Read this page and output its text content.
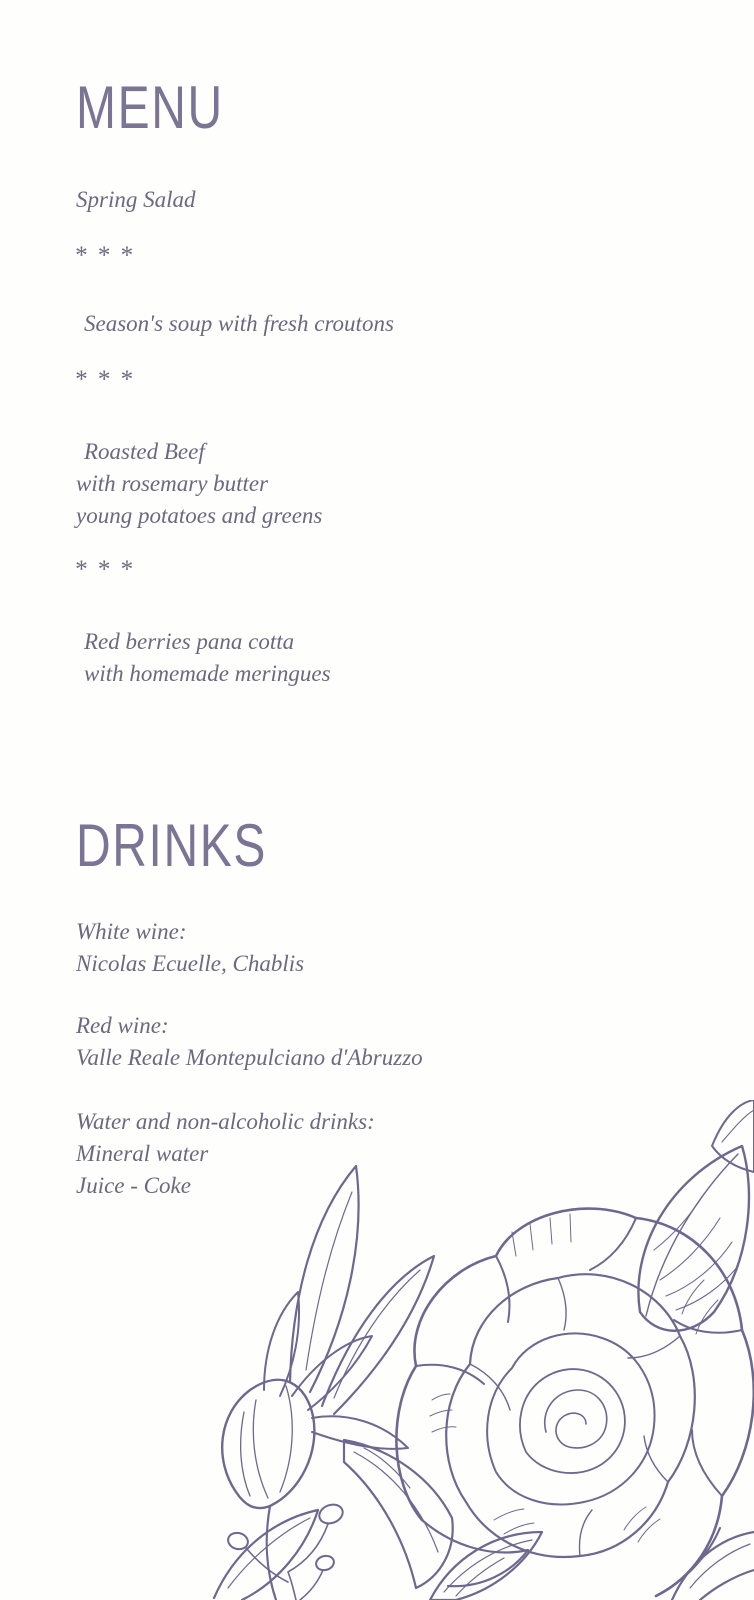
MENU
Spring Salad
* * *
Season's soup with fresh croutons
* * *
Roasted Beef
with rosemary butter
young potatoes and greens
* * *
Red berries pana cotta
with homemade meringues
DRINKS
White wine:
Nicolas Ecuelle, Chablis
Red wine:
Valle Reale Montepulciano d'Abruzzo
Water and non-alcoholic drinks:
Mineral water
Juice - Coke
